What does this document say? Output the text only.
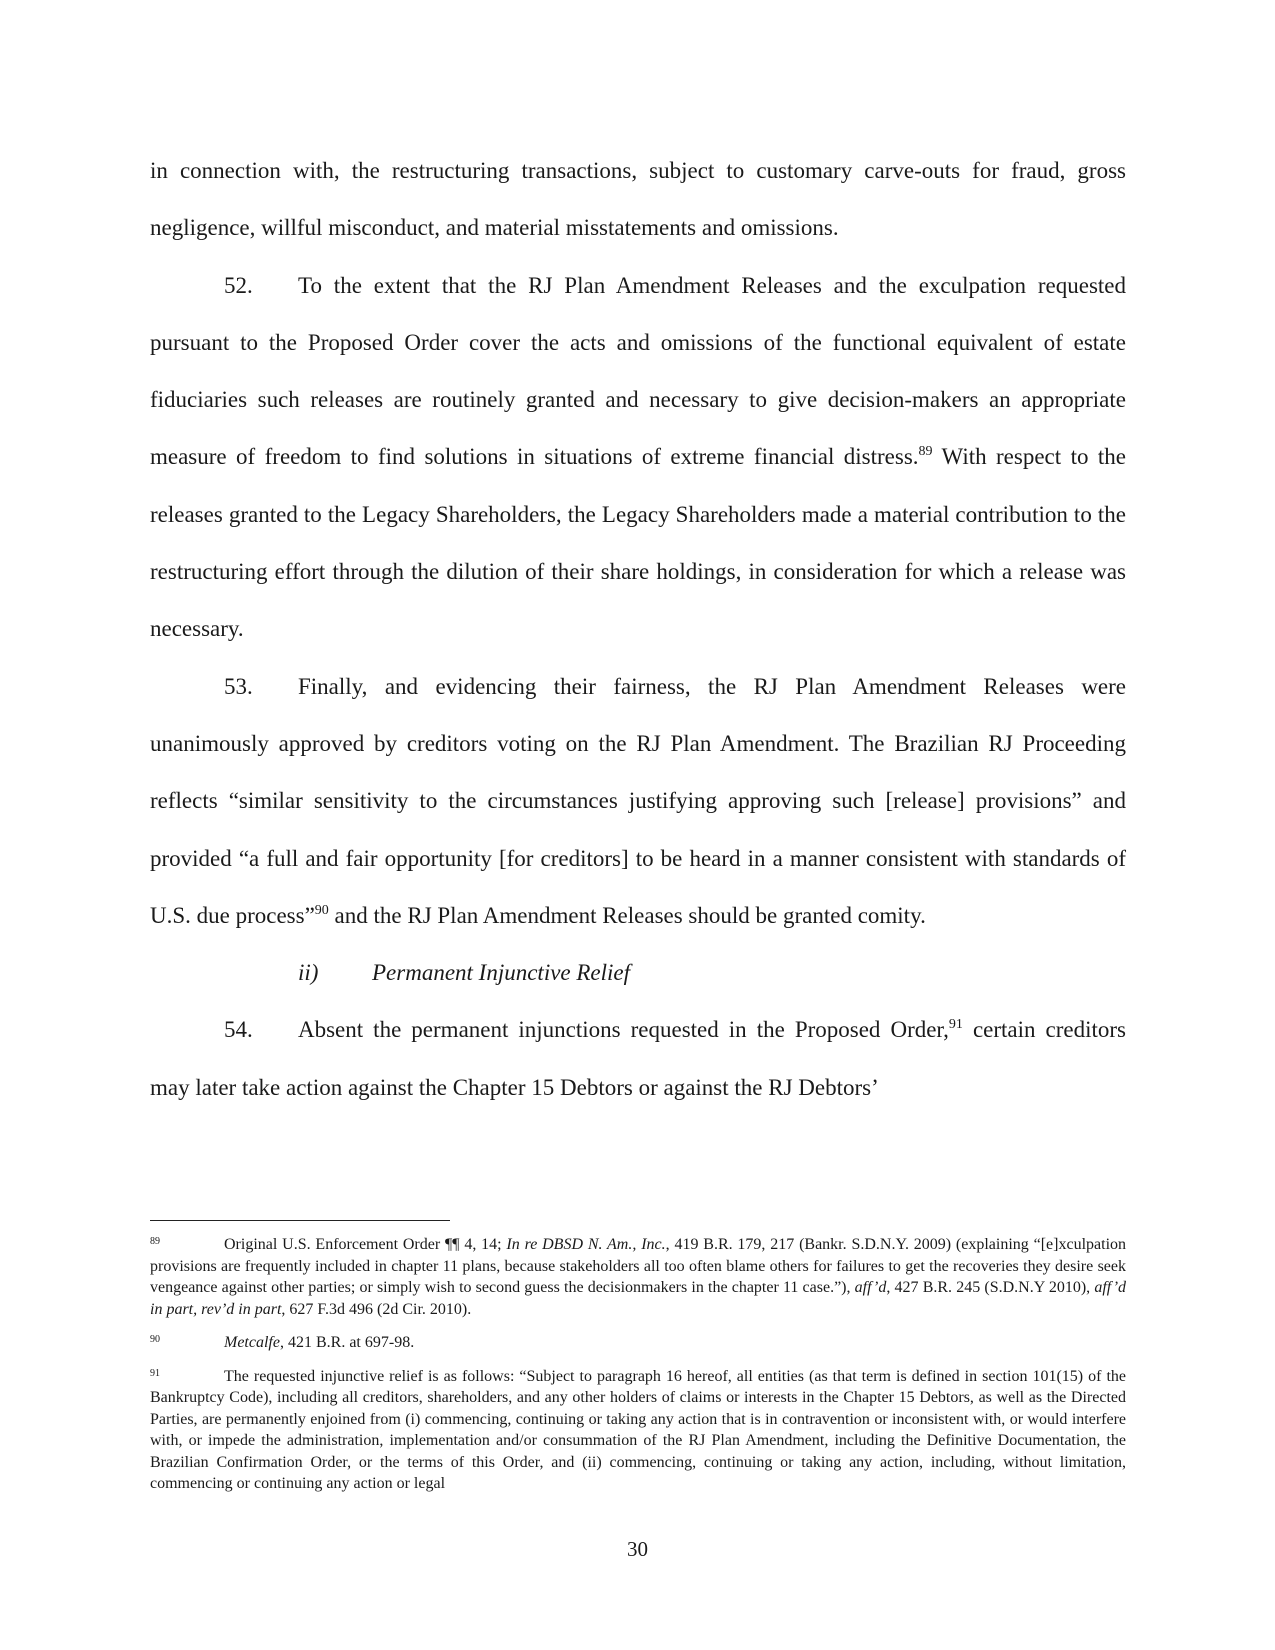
in connection with, the restructuring transactions, subject to customary carve-outs for fraud, gross negligence, willful misconduct, and material misstatements and omissions.

52. To the extent that the RJ Plan Amendment Releases and the exculpation requested pursuant to the Proposed Order cover the acts and omissions of the functional equivalent of estate fiduciaries such releases are routinely granted and necessary to give decision-makers an appropriate measure of freedom to find solutions in situations of extreme financial distress.$^{89}$ With respect to the releases granted to the Legacy Shareholders, the Legacy Shareholders made a material contribution to the restructuring effort through the dilution of their share holdings, in consideration for which a release was necessary.

53. Finally, and evidencing their fairness, the RJ Plan Amendment Releases were unanimously approved by creditors voting on the RJ Plan Amendment. The Brazilian RJ Proceeding reflects “similar sensitivity to the circumstances justifying approving such [release] provisions” and provided “a full and fair opportunity [for creditors] to be heard in a manner consistent with standards of U.S. due process”$^{90}$ and the RJ Plan Amendment Releases should be granted comity.

ii) Permanent Injunctive Relief

54. Absent the permanent injunctions requested in the Proposed Order,$^{91}$ certain creditors may later take action against the Chapter 15 Debtors or against the RJ Debtors’

89	Original U.S. Enforcement Order ¶¶ 4, 14; In re DBSD N. Am., Inc., 419 B.R. 179, 217 (Bankr. S.D.N.Y. 2009) (explaining “[e]xculpation provisions are frequently included in chapter 11 plans, because stakeholders all too often blame others for failures to get the recoveries they desire seek vengeance against other parties; or simply wish to second guess the decisionmakers in the chapter 11 case.”), aff’d, 427 B.R. 245 (S.D.N.Y 2010), aff’d in part, rev’d in part, 627 F.3d 496 (2d Cir. 2010).

90	Metcalfe, 421 B.R. at 697-98.

91	The requested injunctive relief is as follows: “Subject to paragraph 16 hereof, all entities (as that term is defined in section 101(15) of the Bankruptcy Code), including all creditors, shareholders, and any other holders of claims or interests in the Chapter 15 Debtors, as well as the Directed Parties, are permanently enjoined from (i) commencing, continuing or taking any action that is in contravention or inconsistent with, or would interfere with, or impede the administration, implementation and/or consummation of the RJ Plan Amendment, including the Definitive Documentation, the Brazilian Confirmation Order, or the terms of this Order, and (ii) commencing, continuing or taking any action, including, without limitation, commencing or continuing any action or legal

30
